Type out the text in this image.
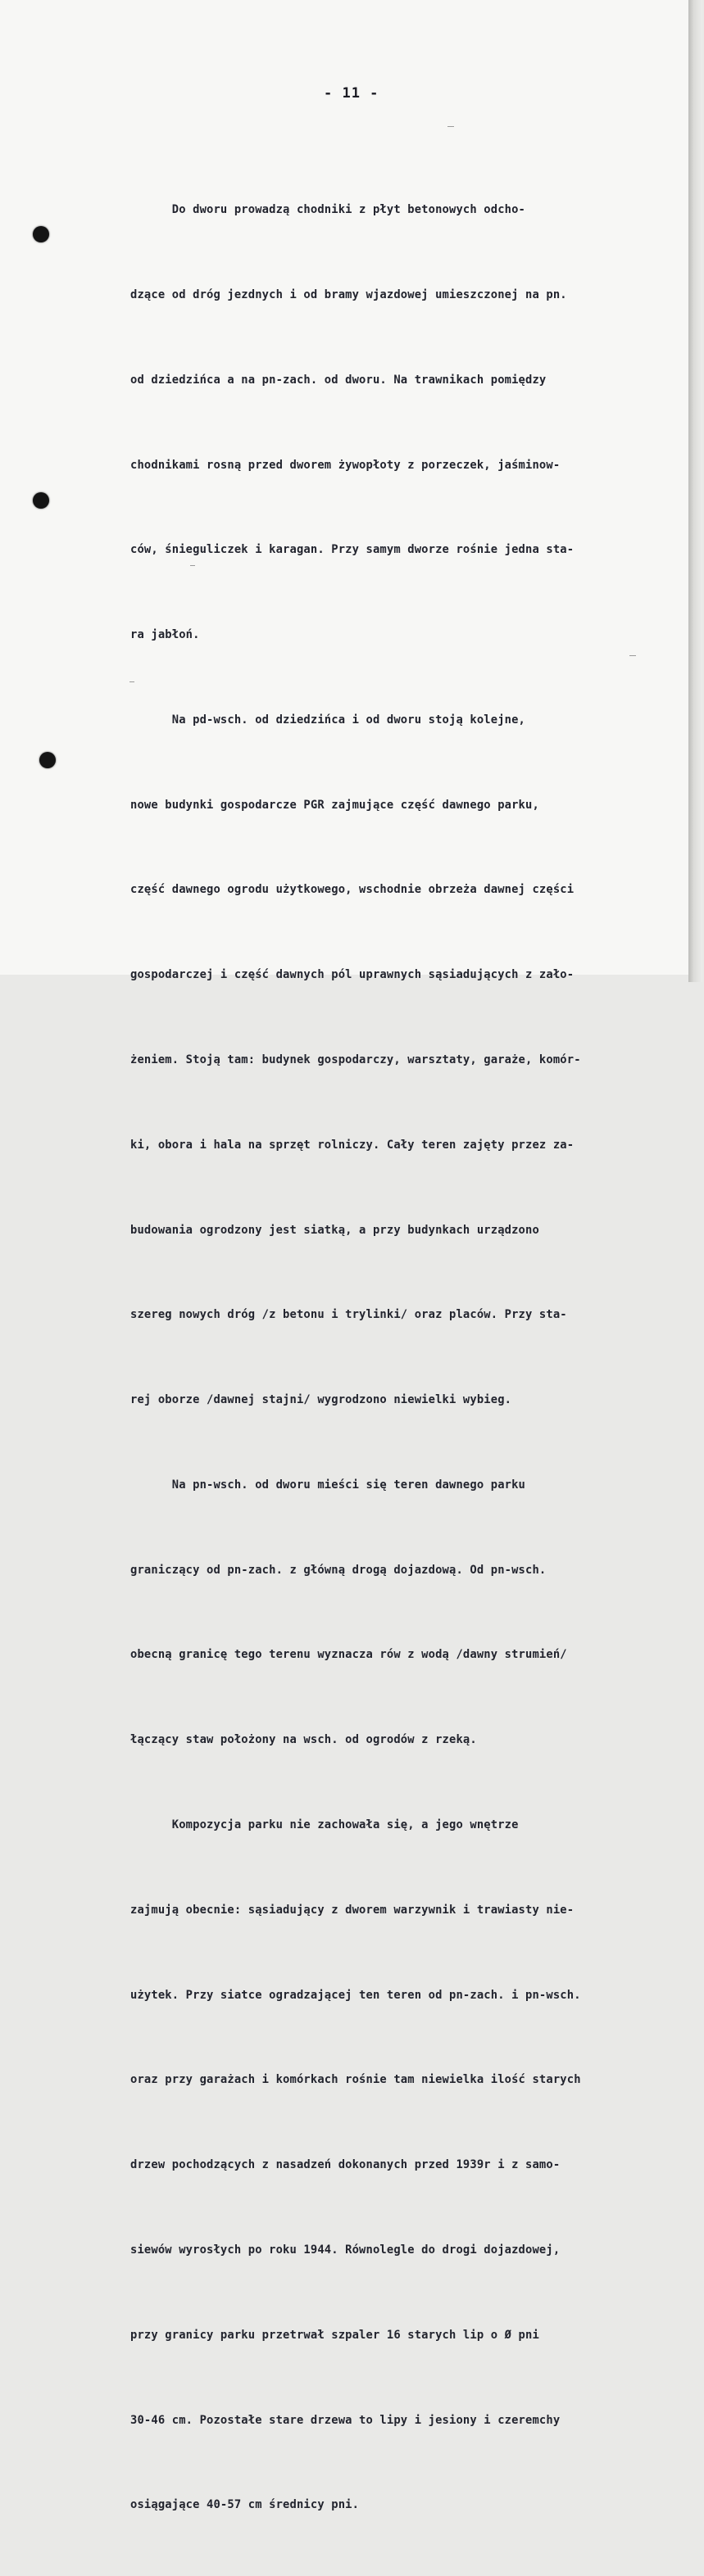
- 11 -

Do dworu prowadzą chodniki z płyt betonowych odcho-

dzące od dróg jezdnych i od bramy wjazdowej umieszczonej na pn.

od dziedzińca a na pn-zach. od dworu. Na trawnikach pomiędzy

chodnikami rosną przed dworem żywopłoty z porzeczek, jaśminow-

ców, śnieguliczek i karagan. Przy samym dworze rośnie jedna sta-

ra jabłoń.

Na pd-wsch. od dziedzińca i od dworu stoją kolejne,

nowe budynki gospodarcze PGR zajmujące część dawnego parku,

część dawnego ogrodu użytkowego, wschodnie obrzeża dawnej części

gospodarczej i część dawnych pól uprawnych sąsiadujących z zało-

żeniem. Stoją tam: budynek gospodarczy, warsztaty, garaże, komór-

ki, obora i hala na sprzęt rolniczy. Cały teren zajęty przez za-

budowania ogrodzony jest siatką, a przy budynkach urządzono

szereg nowych dróg /z betonu i trylinki/ oraz placów. Przy sta-

rej oborze /dawnej stajni/ wygrodzono niewielki wybieg.

Na pn-wsch. od dworu mieści się teren dawnego parku

graniczący od pn-zach. z główną drogą dojazdową. Od pn-wsch.

obecną granicę tego terenu wyznacza rów z wodą /dawny strumień/

łączący staw położony na wsch. od ogrodów z rzeką.

Kompozycja parku nie zachowała się, a jego wnętrze

zajmują obecnie: sąsiadujący z dworem warzywnik i trawiasty nie-

użytek. Przy siatce ogradzającej ten teren od pn-zach. i pn-wsch.

oraz przy garażach i komórkach rośnie tam niewielka ilość starych

drzew pochodzących z nasadzeń dokonanych przed 1939r i z samo-

siewów wyrosłych po roku 1944. Równolegle do drogi dojazdowej,

przy granicy parku przetrwał szpaler 16 starych lip o Ø pni

30-46 cm. Pozostałe stare drzewa to lipy i jesiony i czeremchy

osiągające 40-57 cm średnicy pni.
